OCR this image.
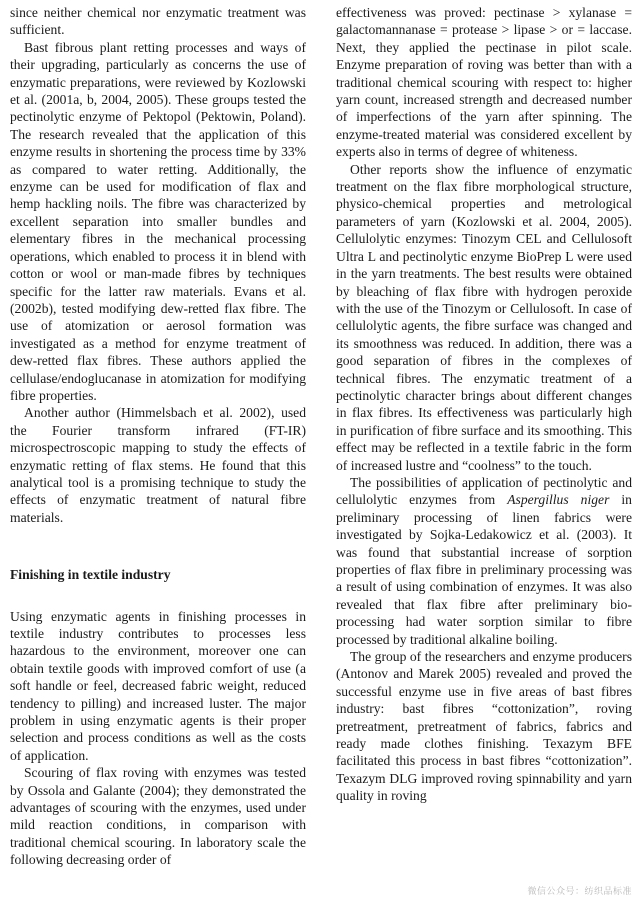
since neither chemical nor enzymatic treatment was sufficient.

Bast fibrous plant retting processes and ways of their upgrading, particularly as concerns the use of enzymatic preparations, were reviewed by Kozlowski et al. (2001a, b, 2004, 2005). These groups tested the pectinolytic enzyme of Pektopol (Pektowin, Poland). The research revealed that the application of this enzyme results in shortening the process time by 33% as compared to water retting. Additionally, the enzyme can be used for modification of flax and hemp hackling noils. The fibre was characterized by excellent separation into smaller bundles and elementary fibres in the mechanical processing operations, which enabled to process it in blend with cotton or wool or man-made fibres by techniques specific for the latter raw materials. Evans et al. (2002b), tested modifying dew-retted flax fibre. The use of atomization or aerosol formation was investigated as a method for enzyme treatment of dew-retted flax fibres. These authors applied the cellulase/endoglucanase in atomization for modifying fibre properties.

Another author (Himmelsbach et al. 2002), used the Fourier transform infrared (FT-IR) microspectroscopic mapping to study the effects of enzymatic retting of flax stems. He found that this analytical tool is a promising technique to study the effects of enzymatic treatment of natural fibre materials.

Finishing in textile industry

Using enzymatic agents in finishing processes in textile industry contributes to processes less hazardous to the environment, moreover one can obtain textile goods with improved comfort of use (a soft handle or feel, decreased fabric weight, reduced tendency to pilling) and increased luster. The major problem in using enzymatic agents is their proper selection and process conditions as well as the costs of application.

Scouring of flax roving with enzymes was tested by Ossola and Galante (2004); they demonstrated the advantages of scouring with the enzymes, used under mild reaction conditions, in comparison with traditional chemical scouring. In laboratory scale the following decreasing order of

effectiveness was proved: pectinase > xylanase = galactomannanase = protease > lipase > or = laccase. Next, they applied the pectinase in pilot scale. Enzyme preparation of roving was better than with a traditional chemical scouring with respect to: higher yarn count, increased strength and decreased number of imperfections of the yarn after spinning. The enzyme-treated material was considered excellent by experts also in terms of degree of whiteness.

Other reports show the influence of enzymatic treatment on the flax fibre morphological structure, physico-chemical properties and metrological parameters of yarn (Kozlowski et al. 2004, 2005). Cellulolytic enzymes: Tinozym CEL and Cellulosoft Ultra L and pectinolytic enzyme BioPrep L were used in the yarn treatments. The best results were obtained by bleaching of flax fibre with hydrogen peroxide with the use of the Tinozym or Cellulosoft. In case of cellulolytic agents, the fibre surface was changed and its smoothness was reduced. In addition, there was a good separation of fibres in the complexes of technical fibres. The enzymatic treatment of a pectinolytic character brings about different changes in flax fibres. Its effectiveness was particularly high in purification of fibre surface and its smoothing. This effect may be reflected in a textile fabric in the form of increased lustre and “coolness” to the touch.

The possibilities of application of pectinolytic and cellulolytic enzymes from Aspergillus niger in preliminary processing of linen fabrics were investigated by Sojka-Ledakowicz et al. (2003). It was found that substantial increase of sorption properties of flax fibre in preliminary processing was a result of using combination of enzymes. It was also revealed that flax fibre after preliminary bio-processing had water sorption similar to fibre processed by traditional alkaline boiling.

The group of the researchers and enzyme producers (Antonov and Marek 2005) revealed and proved the successful enzyme use in five areas of bast fibres industry: bast fibres “cottonization”, roving pretreatment, pretreatment of fabrics, fabrics and ready made clothes finishing. Texazym BFE facilitated this process in bast fibres “cottonization”. Texazym DLG improved roving spinnability and yarn quality in roving

微信公众号：纺织品标准
